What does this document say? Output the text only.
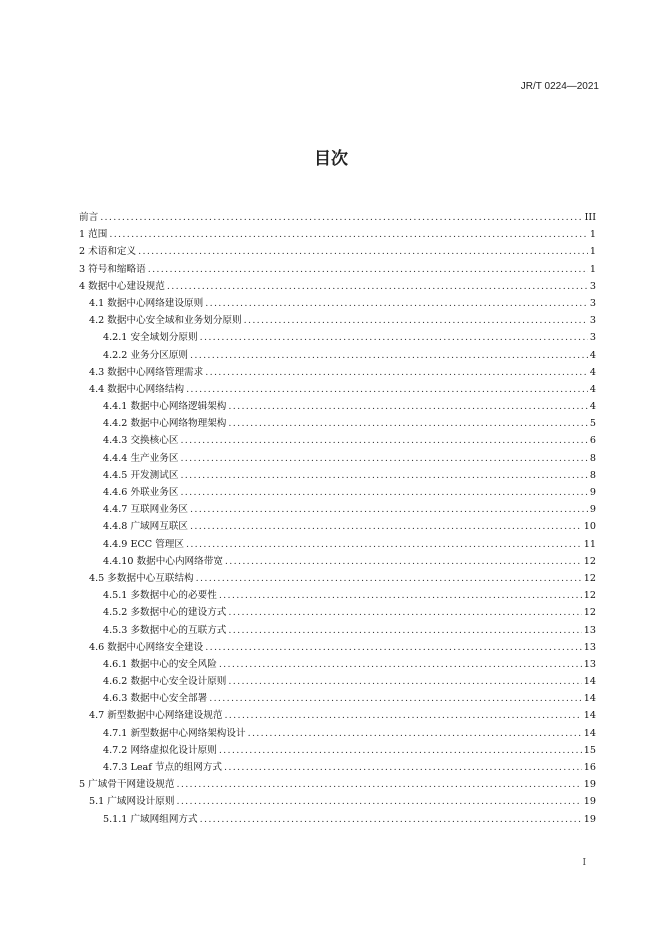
JR/T 0224—2021
目次
前言 .....	III
1 范围 .....	1
2 术语和定义 .....	1
3 符号和缩略语 .....	1
4 数据中心建设规范 .....	3
4.1 数据中心网络建设原则 .....	3
4.2 数据中心安全域和业务划分原则 .....	3
4.2.1 安全域划分原则 .....	3
4.2.2 业务分区原则 .....	4
4.3 数据中心网络管理需求 .....	4
4.4 数据中心网络结构 .....	4
4.4.1 数据中心网络逻辑架构 .....	4
4.4.2 数据中心网络物理架构 .....	5
4.4.3 交换核心区 .....	6
4.4.4 生产业务区 .....	8
4.4.5 开发测试区 .....	8
4.4.6 外联业务区 .....	9
4.4.7 互联网业务区 .....	9
4.4.8 广域网互联区 .....	10
4.4.9 ECC 管理区 .....	11
4.4.10 数据中心内网络带宽 .....	12
4.5 多数据中心互联结构 .....	12
4.5.1 多数据中心的必要性 .....	12
4.5.2 多数据中心的建设方式 .....	12
4.5.3 多数据中心的互联方式 .....	13
4.6 数据中心网络安全建设 .....	13
4.6.1 数据中心的安全风险 .....	13
4.6.2 数据中心安全设计原则 .....	14
4.6.3 数据中心安全部署 .....	14
4.7 新型数据中心网络建设规范 .....	14
4.7.1 新型数据中心网络架构设计 .....	14
4.7.2 网络虚拟化设计原则 .....	15
4.7.3 Leaf 节点的组网方式 .....	16
5 广域骨干网建设规范 .....	19
5.1 广域网设计原则 .....	19
5.1.1 广域网组网方式 .....	19
I
